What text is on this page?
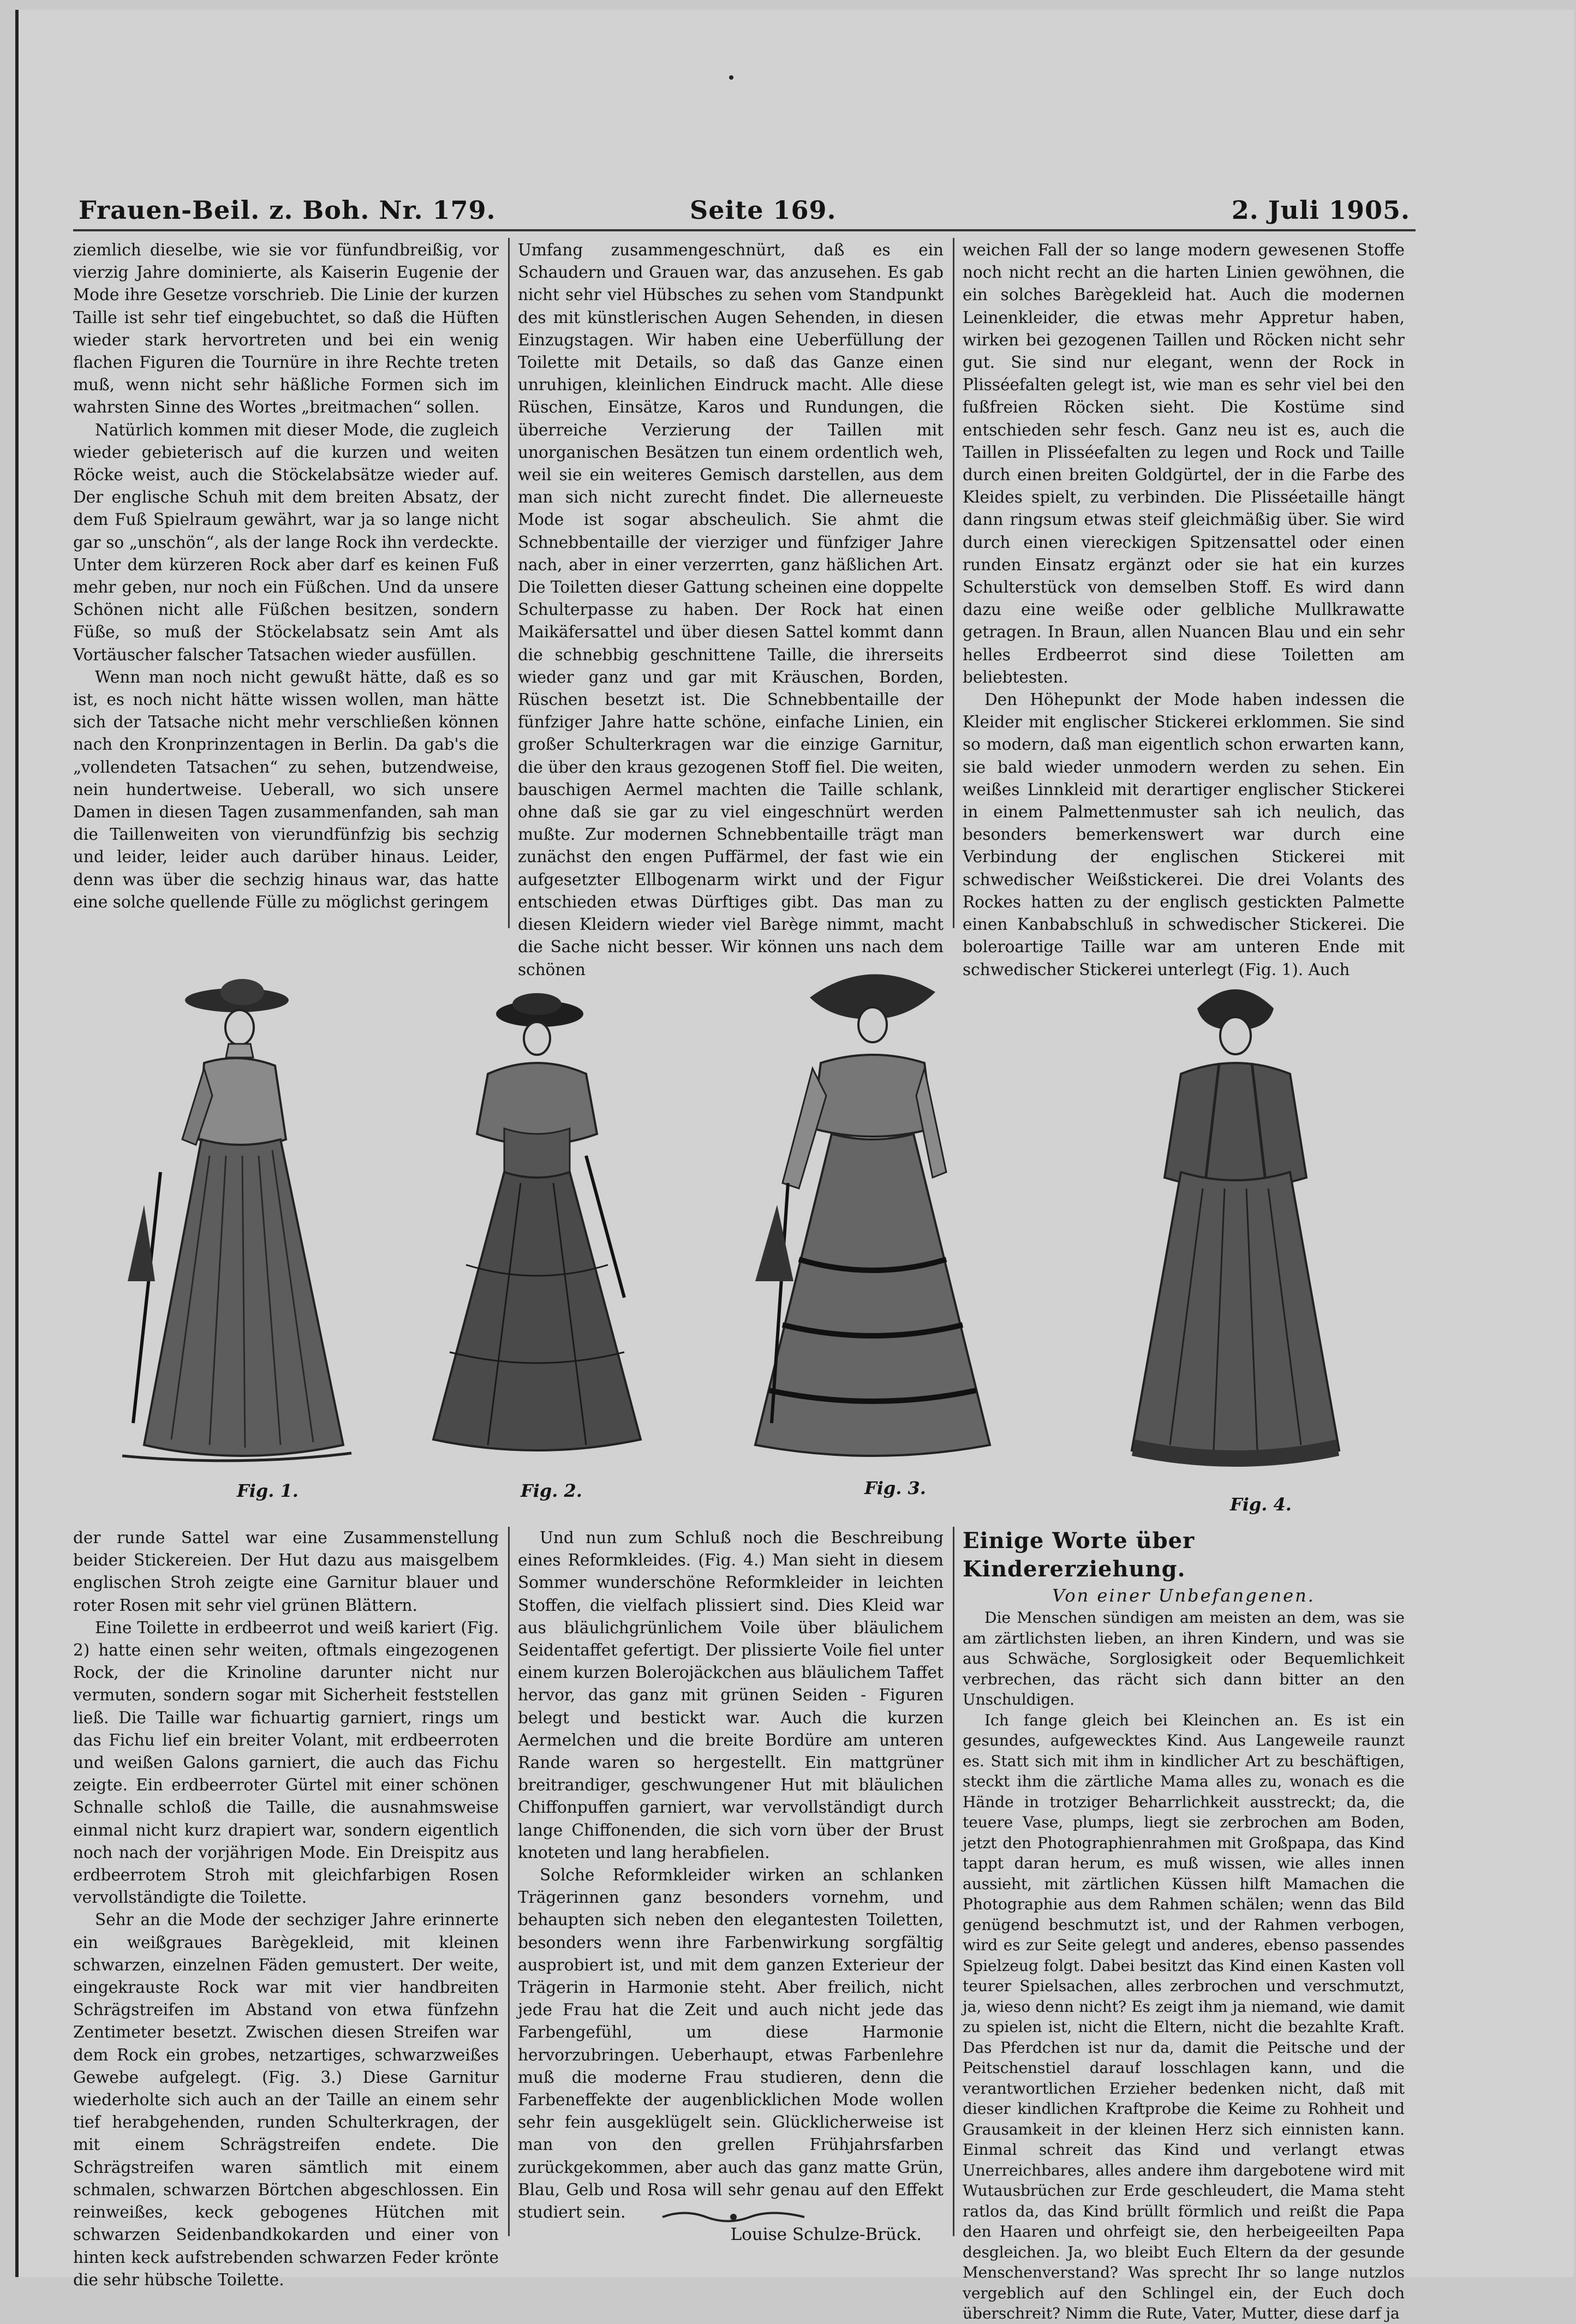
Frauen-Beil. z. Boh. Nr. 179.	Seite 169.	2. Juli 1905.

ziemlich dieselbe, wie sie vor fünfundbreißig, vor vierzig Jahre dominierte, als Kaiserin Eugenie der Mode ihre Gesetze vorschrieb. Die Linie der kurzen Taille ist sehr tief eingebuchtet, so daß die Hüften wieder stark hervortreten und bei ein wenig flachen Figuren die Tournüre in ihre Rechte treten muß, wenn nicht sehr häßliche Formen sich im wahrsten Sinne des Wortes „breitmachen“ sollen.

Natürlich kommen mit dieser Mode, die zugleich wieder gebieterisch auf die kurzen und weiten Röcke weist, auch die Stöckelabsätze wieder auf. Der englische Schuh mit dem breiten Absatz, der dem Fuß Spielraum gewährt, war ja so lange nicht gar so „unschön“, als der lange Rock ihn verdeckte. Unter dem kürzeren Rock aber darf es keinen Fuß mehr geben, nur noch ein Füßchen. Und da unsere Schönen nicht alle Füßchen besitzen, sondern Füße, so muß der Stöckelabsatz sein Amt als Vortäuscher falscher Tatsachen wieder ausfüllen.

Wenn man noch nicht gewußt hätte, daß es so ist, es noch nicht hätte wissen wollen, man hätte sich der Tatsache nicht mehr verschließen können nach den Kronprinzentagen in Berlin. Da gab's die „vollendeten Tatsachen“ zu sehen, butzendweise, nein hundertweise. Ueberall, wo sich unsere Damen in diesen Tagen zusammenfanden, sah man die Taillenweiten von vierundfünfzig bis sechzig und leider, leider auch darüber hinaus. Leider, denn was über die sechzig hinaus war, das hatte eine solche quellende Fülle zu möglichst geringem

Umfang zusammengeschnürt, daß es ein Schaudern und Grauen war, das anzusehen. Es gab nicht sehr viel Hübsches zu sehen vom Standpunkt des mit künstlerischen Augen Sehenden, in diesen Einzugstagen. Wir haben eine Ueberfüllung der Toilette mit Details, so daß das Ganze einen unruhigen, kleinlichen Eindruck macht. Alle diese Rüschen, Einsätze, Karos und Rundungen, die überreiche Verzierung der Taillen mit unorganischen Besätzen tun einem ordentlich weh, weil sie ein weiteres Gemisch darstellen, aus dem man sich nicht zurecht findet. Die allerneueste Mode ist sogar abscheulich. Sie ahmt die Schnebbentaille der vierziger und fünfziger Jahre nach, aber in einer verzerrten, ganz häßlichen Art. Die Toiletten dieser Gattung scheinen eine doppelte Schulterpasse zu haben. Der Rock hat einen Maikäfersattel und über diesen Sattel kommt dann die schnebbig geschnittene Taille, die ihrerseits wieder ganz und gar mit Kräuschen, Borden, Rüschen besetzt ist. Die Schnebbentaille der fünfziger Jahre hatte schöne, einfache Linien, ein großer Schulterkragen war die einzige Garnitur, die über den kraus gezogenen Stoff fiel. Die weiten, bauschigen Aermel machten die Taille schlank, ohne daß sie gar zu viel eingeschnürt werden mußte. Zur modernen Schnebbentaille trägt man zunächst den engen Puffärmel, der fast wie ein aufgesetzter Ellbogenarm wirkt und der Figur entschieden etwas Dürftiges gibt. Das man zu diesen Kleidern wieder viel Barège nimmt, macht die Sache nicht besser. Wir können uns nach dem schönen

weichen Fall der so lange modern gewesenen Stoffe noch nicht recht an die harten Linien gewöhnen, die ein solches Barègekleid hat. Auch die modernen Leinenkleider, die etwas mehr Appretur haben, wirken bei gezogenen Taillen und Röcken nicht sehr gut. Sie sind nur elegant, wenn der Rock in Plisséefalten gelegt ist, wie man es sehr viel bei den fußfreien Röcken sieht. Die Kostüme sind entschieden sehr fesch. Ganz neu ist es, auch die Taillen in Plisséefalten zu legen und Rock und Taille durch einen breiten Goldgürtel, der in die Farbe des Kleides spielt, zu verbinden. Die Plisséetaille hängt dann ringsum etwas steif gleichmäßig über. Sie wird durch einen viereckigen Spitzensattel oder einen runden Einsatz ergänzt oder sie hat ein kurzes Schulterstück von demselben Stoff. Es wird dann dazu eine weiße oder gelbliche Mullkrawatte getragen. In Braun, allen Nuancen Blau und ein sehr helles Erdbeerrot sind diese Toiletten am beliebtesten.

Den Höhepunkt der Mode haben indessen die Kleider mit englischer Stickerei erklommen. Sie sind so modern, daß man eigentlich schon erwarten kann, sie bald wieder unmodern werden zu sehen. Ein weißes Linnkleid mit derartiger englischer Stickerei in einem Palmettenmuster sah ich neulich, das besonders bemerkenswert war durch eine Verbindung der englischen Stickerei mit schwedischer Weißstickerei. Die drei Volants des Rockes hatten zu der englisch gestickten Palmette einen Kanbabschluß in schwedischer Stickerei. Die boleroartige Taille war am unteren Ende mit schwedischer Stickerei unterlegt (Fig. 1). Auch

Fig. 1.	Fig. 2.	Fig. 3.
Fig. 4.

der runde Sattel war eine Zusammenstellung beider Stickereien. Der Hut dazu aus maisgelbem englischen Stroh zeigte eine Garnitur blauer und roter Rosen mit sehr viel grünen Blättern.

Eine Toilette in erdbeerrot und weiß kariert (Fig. 2) hatte einen sehr weiten, oftmals eingezogenen Rock, der die Krinoline darunter nicht nur vermuten, sondern sogar mit Sicherheit feststellen ließ. Die Taille war fichuartig garniert, rings um das Fichu lief ein breiter Volant, mit erdbeerroten und weißen Galons garniert, die auch das Fichu zeigte. Ein erdbeerroter Gürtel mit einer schönen Schnalle schloß die Taille, die ausnahmsweise einmal nicht kurz drapiert war, sondern eigentlich noch nach der vorjährigen Mode. Ein Dreispitz aus erdbeerrotem Stroh mit gleichfarbigen Rosen vervollständigte die Toilette.

Sehr an die Mode der sechziger Jahre erinnerte ein weißgraues Barègekleid, mit kleinen schwarzen, einzelnen Fäden gemustert. Der weite, eingekrauste Rock war mit vier handbreiten Schrägstreifen im Abstand von etwa fünfzehn Zentimeter besetzt. Zwischen diesen Streifen war dem Rock ein grobes, netzartiges, schwarzweißes Gewebe aufgelegt. (Fig. 3.) Diese Garnitur wiederholte sich auch an der Taille an einem sehr tief herabgehenden, runden Schulterkragen, der mit einem Schrägstreifen endete. Die Schrägstreifen waren sämtlich mit einem schmalen, schwarzen Börtchen abgeschlossen. Ein reinweißes, keck gebogenes Hütchen mit schwarzen Seidenbandkokarden und einer von hinten keck aufstrebenden schwarzen Feder krönte die sehr hübsche Toilette.

Und nun zum Schluß noch die Beschreibung eines Reformkleides. (Fig. 4.) Man sieht in diesem Sommer wunderschöne Reformkleider in leichten Stoffen, die vielfach plissiert sind. Dies Kleid war aus bläulichgrünlichem Voile über bläulichem Seidentaffet gefertigt. Der plissierte Voile fiel unter einem kurzen Bolerojäckchen aus bläulichem Taffet hervor, das ganz mit grünen Seiden - Figuren belegt und bestickt war. Auch die kurzen Aermelchen und die breite Bordüre am unteren Rande waren so hergestellt. Ein mattgrüner breitrandiger, geschwungener Hut mit bläulichen Chiffonpuffen garniert, war vervollständigt durch lange Chiffonenden, die sich vorn über der Brust knoteten und lang herabfielen.

Solche Reformkleider wirken an schlanken Trägerinnen ganz besonders vornehm, und behaupten sich neben den elegantesten Toiletten, besonders wenn ihre Farbenwirkung sorgfältig ausprobiert ist, und mit dem ganzen Exterieur der Trägerin in Harmonie steht. Aber freilich, nicht jede Frau hat die Zeit und auch nicht jede das Farbengefühl, um diese Harmonie hervorzubringen. Ueberhaupt, etwas Farbenlehre muß die moderne Frau studieren, denn die Farbeneffekte der augenblicklichen Mode wollen sehr fein ausgeklügelt sein. Glücklicherweise ist man von den grellen Frühjahrsfarben zurückgekommen, aber auch das ganz matte Grün, Blau, Gelb und Rosa will sehr genau auf den Effekt studiert sein.

Louise Schulze-Brück.

Einige Worte über Kindererziehung.
Von einer Unbefangenen.

Die Menschen sündigen am meisten an dem, was sie am zärtlichsten lieben, an ihren Kindern, und was sie aus Schwäche, Sorglosigkeit oder Bequemlichkeit verbrechen, das rächt sich dann bitter an den Unschuldigen.

Ich fange gleich bei Kleinchen an. Es ist ein gesundes, aufgewecktes Kind. Aus Langeweile raunzt es. Statt sich mit ihm in kindlicher Art zu beschäftigen, steckt ihm die zärtliche Mama alles zu, wonach es die Hände in trotziger Beharrlichkeit ausstreckt; da, die teuere Vase, plumps, liegt sie zerbrochen am Boden, jetzt den Photographienrahmen mit Großpapa, das Kind tappt daran herum, es muß wissen, wie alles innen aussieht, mit zärtlichen Küssen hilft Mamachen die Photographie aus dem Rahmen schälen; wenn das Bild genügend beschmutzt ist, und der Rahmen verbogen, wird es zur Seite gelegt und anderes, ebenso passendes Spielzeug folgt. Dabei besitzt das Kind einen Kasten voll teurer Spielsachen, alles zerbrochen und verschmutzt, ja, wieso denn nicht? Es zeigt ihm ja niemand, wie damit zu spielen ist, nicht die Eltern, nicht die bezahlte Kraft. Das Pferdchen ist nur da, damit die Peitsche und der Peitschenstiel darauf losschlagen kann, und die verantwortlichen Erzieher bedenken nicht, daß mit dieser kindlichen Kraftprobe die Keime zu Rohheit und Grausamkeit in der kleinen Herz sich einnisten kann. Einmal schreit das Kind und verlangt etwas Unerreichbares, alles andere ihm dargebotene wird mit Wutausbrüchen zur Erde geschleudert, die Mama steht ratlos da, das Kind brüllt förmlich und reißt die Papa den Haaren und ohrfeigt sie, den herbeigeeilten Papa desgleichen. Ja, wo bleibt Euch Eltern da der gesunde Menschenverstand? Was sprecht Ihr so lange nutzlos vergeblich auf den Schlingel ein, der Euch doch überschreit? Nimm die Rute, Vater, Mutter, diese darf ja
